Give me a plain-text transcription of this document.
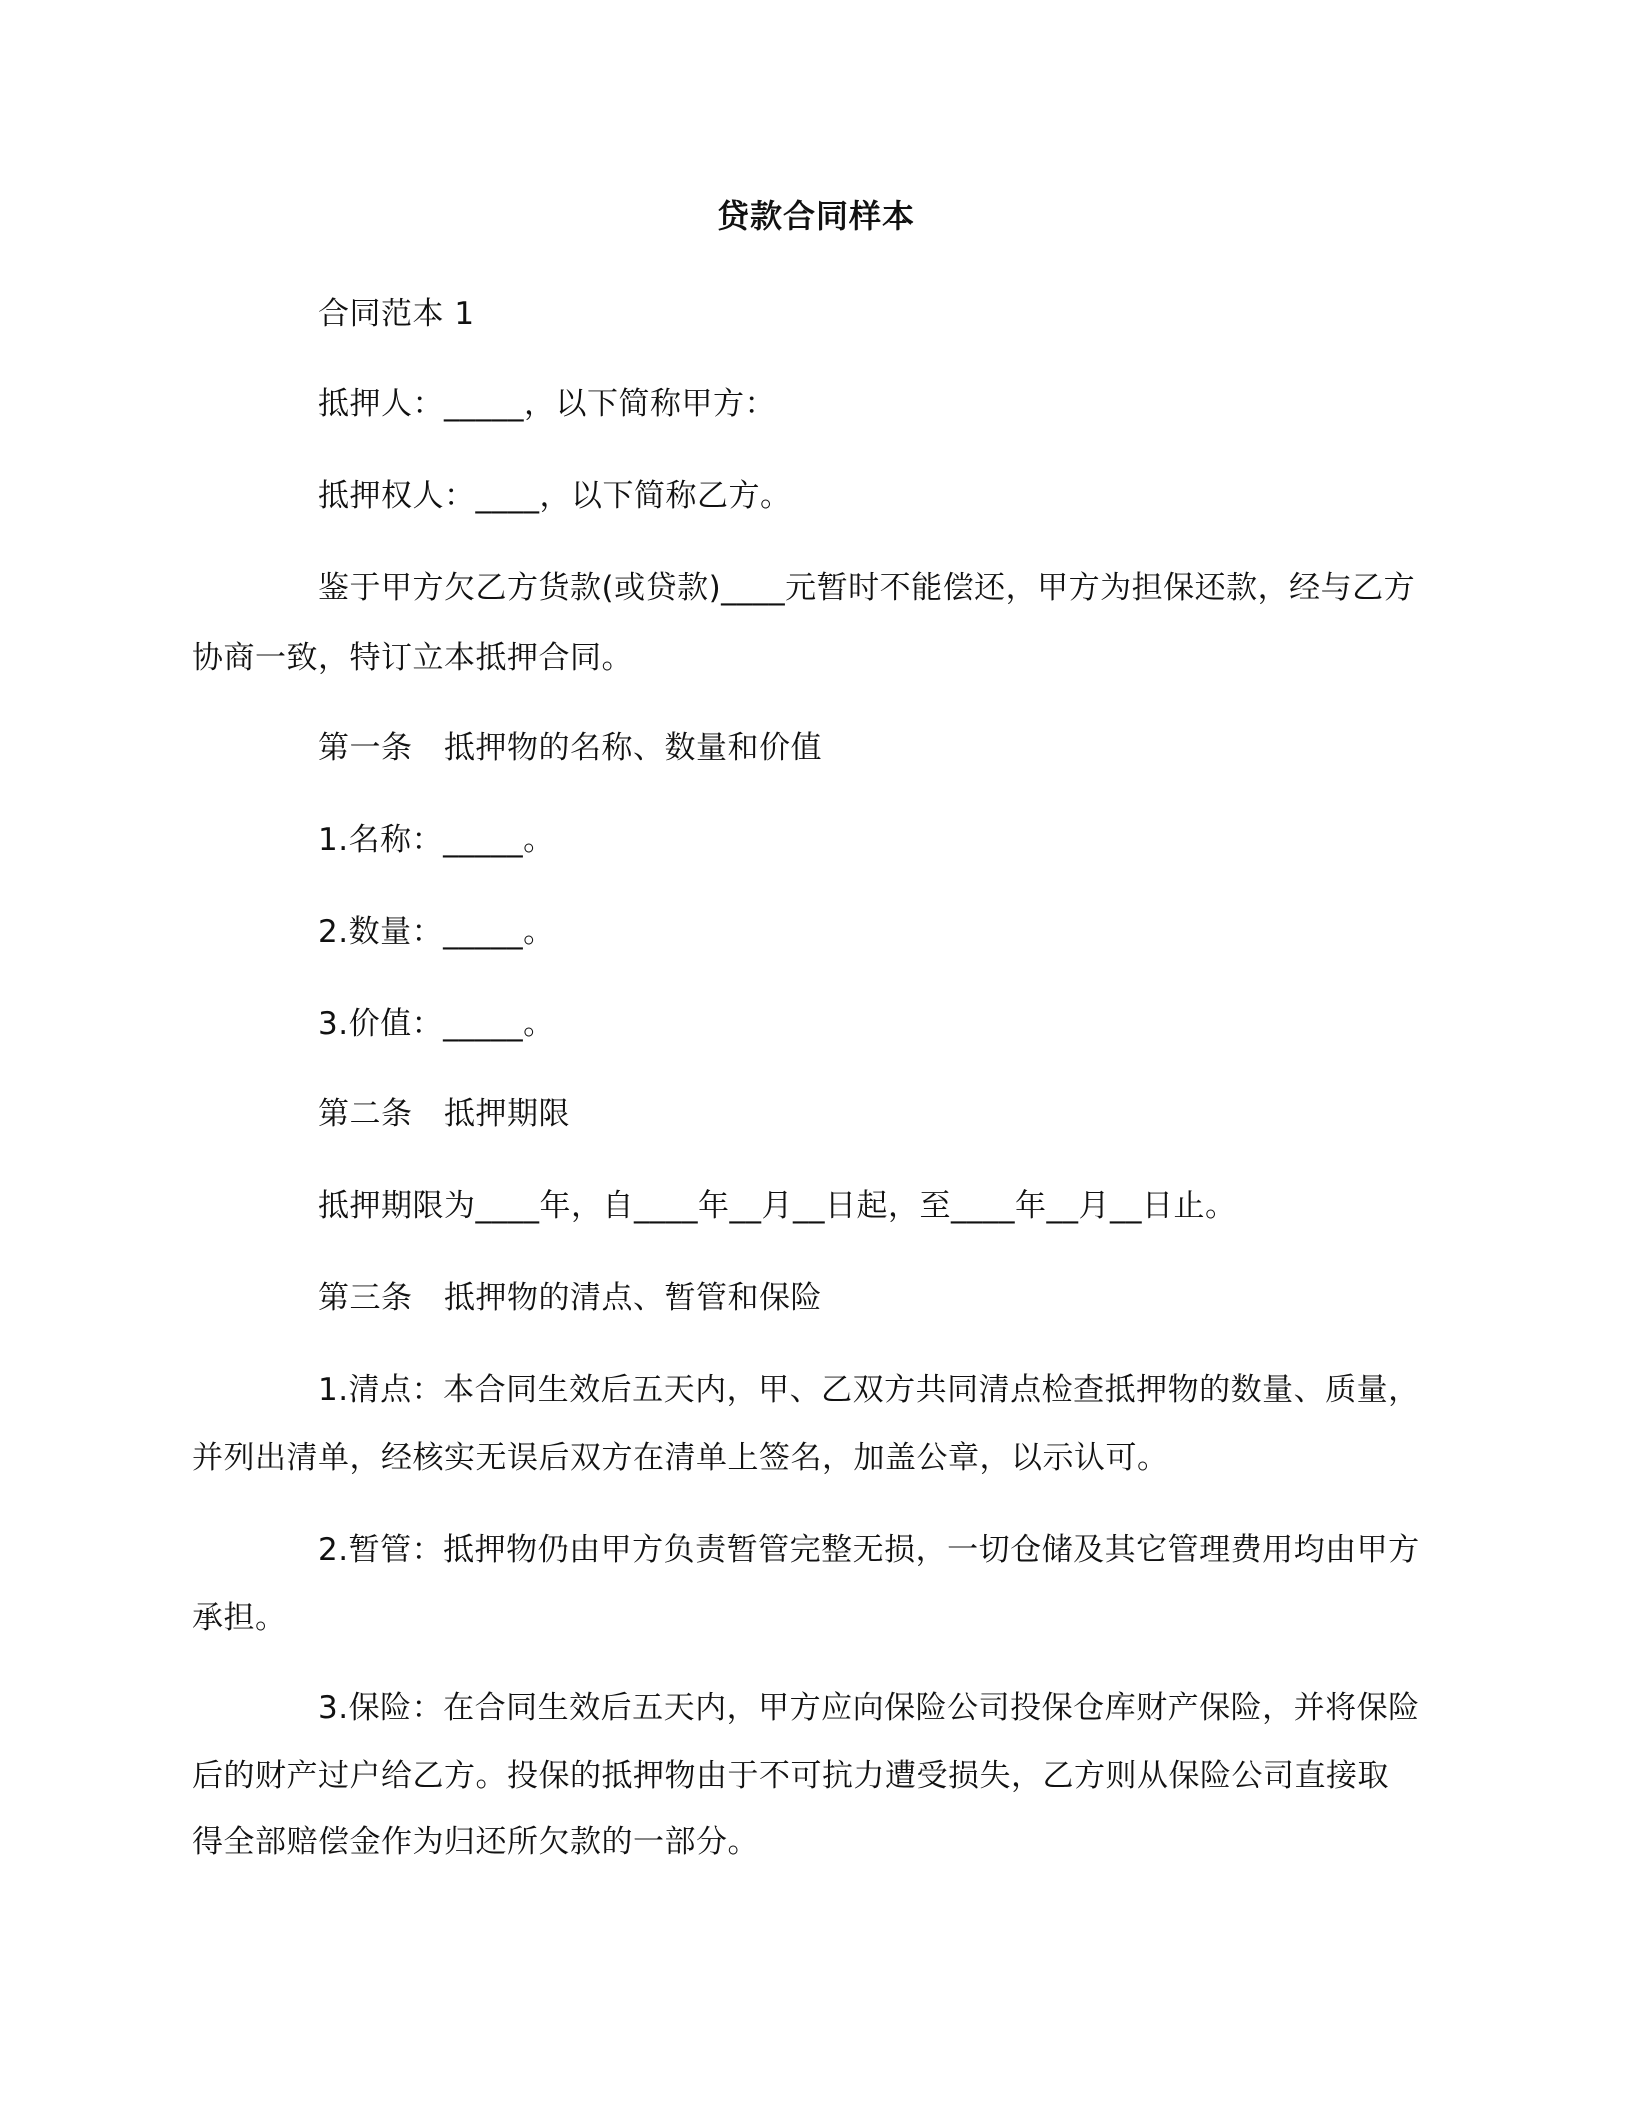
贷款合同样本
合同范本 1
抵押人：_____，以下简称甲方：
抵押权人：____，以下简称乙方。
鉴于甲方欠乙方货款(或贷款)____元暂时不能偿还，甲方为担保还款，经与乙方
协商一致，特订立本抵押合同。
第一条　抵押物的名称、数量和价值
1.名称：_____。
2.数量：_____。
3.价值：_____。
第二条　抵押期限
抵押期限为____年，自____年__月__日起，至____年__月__日止。
第三条　抵押物的清点、暂管和保险
1.清点：本合同生效后五天内，甲、乙双方共同清点检查抵押物的数量、质量，
并列出清单，经核实无误后双方在清单上签名，加盖公章，以示认可。
2.暂管：抵押物仍由甲方负责暂管完整无损，一切仓储及其它管理费用均由甲方
承担。
3.保险：在合同生效后五天内，甲方应向保险公司投保仓库财产保险，并将保险
后的财产过户给乙方。投保的抵押物由于不可抗力遭受损失，乙方则从保险公司直接取
得全部赔偿金作为归还所欠款的一部分。
